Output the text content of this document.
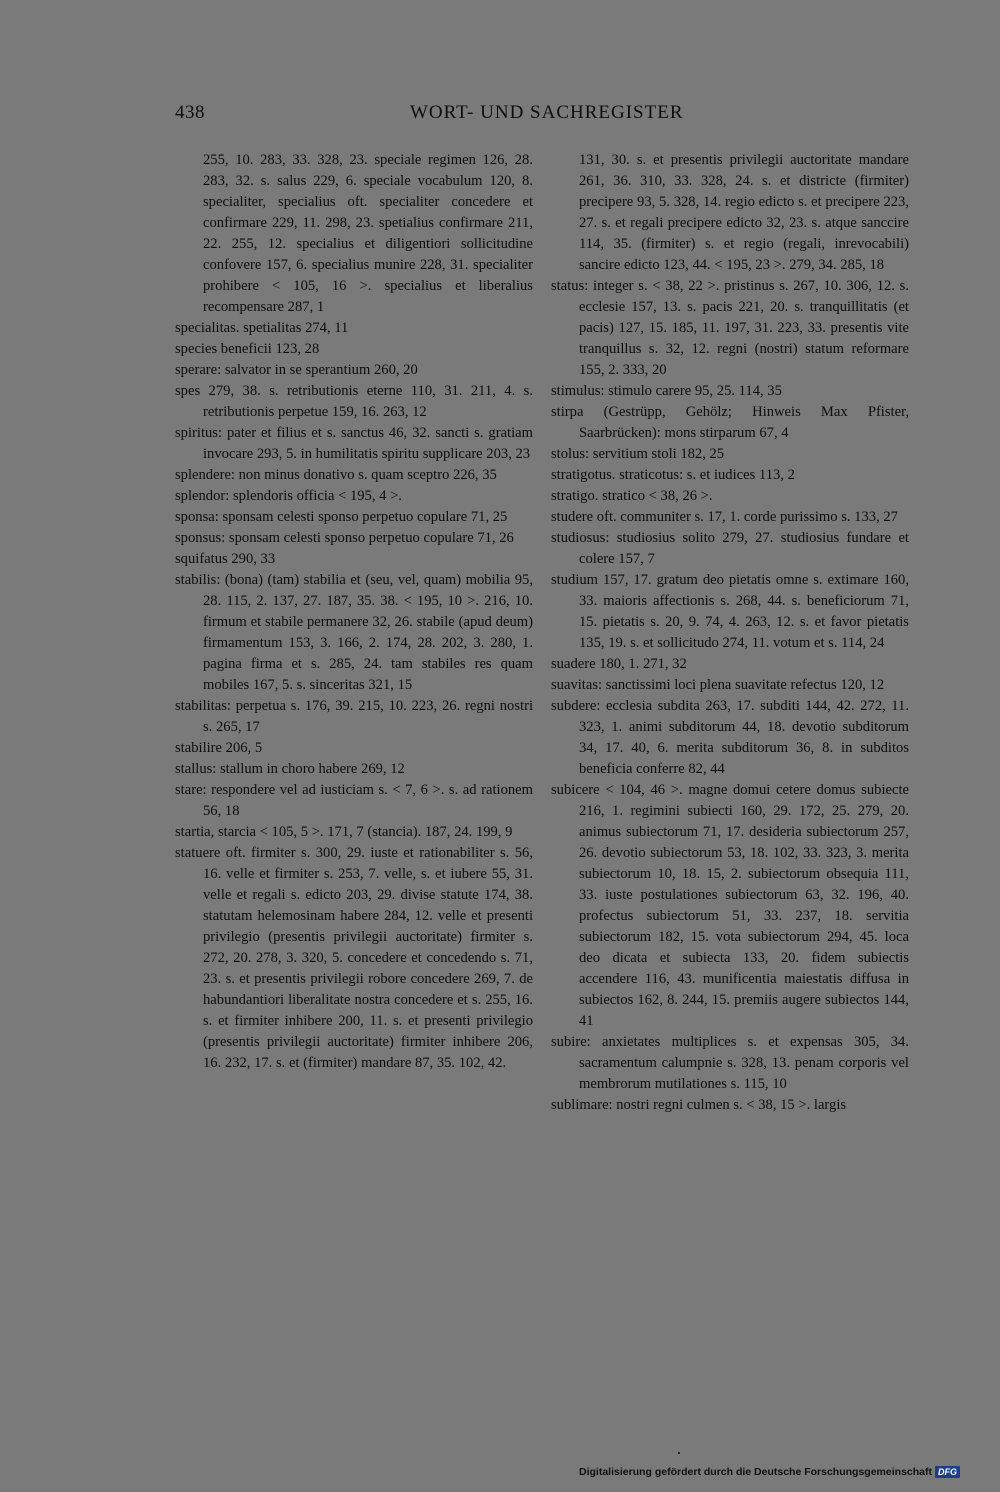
438	WORT- UND SACHREGISTER
255, 10. 283, 33. 328, 23. speciale regimen 126, 28. 283, 32. s. salus 229, 6. speciale vocabulum 120, 8. specialiter, specialius oft. specialiter concedere et confirmare 229, 11. 298, 23. spetialius confirmare 211, 22. 255, 12. specialius et diligentiori sollicitudine confovere 157, 6. specialius munire 228, 31. specialiter prohibere < 105, 16 >. specialius et liberalius recompensare 287, 1
specialitas. spetialitas 274, 11
species beneficii 123, 28
sperare: salvator in se sperantium 260, 20
spes 279, 38. s. retributionis eterne 110, 31. 211, 4. s. retributionis perpetue 159, 16. 263, 12
spiritus: pater et filius et s. sanctus 46, 32. sancti s. gratiam invocare 293, 5. in humilitatis spiritu supplicare 203, 23
splendere: non minus donativo s. quam sceptro 226, 35
splendor: splendoris officia < 195, 4 >.
sponsa: sponsam celesti sponso perpetuo copulare 71, 25
sponsus: sponsam celesti sponso perpetuo copulare 71, 26
squifatus 290, 33
stabilis: (bona) (tam) stabilia et (seu, vel, quam) mobilia 95, 28. 115, 2. 137, 27. 187, 35. 38. < 195, 10 >. 216, 10. firmum et stabile permanere 32, 26. stabile (apud deum) firmamentum 153, 3. 166, 2. 174, 28. 202, 3. 280, 1. pagina firma et s. 285, 24. tam stabiles res quam mobiles 167, 5. s. sinceritas 321, 15
stabilitas: perpetua s. 176, 39. 215, 10. 223, 26. regni nostri s. 265, 17
stabilire 206, 5
stallus: stallum in choro habere 269, 12
stare: respondere vel ad iusticiam s. < 7, 6 >. s. ad rationem 56, 18
startia, starcia < 105, 5 >. 171, 7 (stancia). 187, 24. 199, 9
statuere oft. firmiter s. 300, 29. iuste et rationabiliter s. 56, 16. velle et firmiter s. 253, 7. velle, s. et iubere 55, 31. velle et regali s. edicto 203, 29. divise statute 174, 38. statutam helemosinam habere 284, 12. velle et presenti privilegio (presentis privilegii auctoritate) firmiter s. 272, 20. 278, 3. 320, 5. concedere et concedendo s. 71, 23. s. et presentis privilegii robore concedere 269, 7. de habundantiori liberalitate nostra concedere et s. 255, 16. s. et firmiter inhibere 200, 11. s. et presenti privilegio (presentis privilegii auctoritate) firmiter inhibere 206, 16. 232, 17. s. et (firmiter) mandare 87, 35. 102, 42.
131, 30. s. et presentis privilegii auctoritate mandare 261, 36. 310, 33. 328, 24. s. et districte (firmiter) precipere 93, 5. 328, 14. regio edicto s. et precipere 223, 27. s. et regali precipere edicto 32, 23. s. atque sanccire 114, 35. (firmiter) s. et regio (regali, inrevocabili) sancire edicto 123, 44. < 195, 23 >. 279, 34. 285, 18
status: integer s. < 38, 22 >. pristinus s. 267, 10. 306, 12. s. ecclesie 157, 13. s. pacis 221, 20. s. tranquillitatis (et pacis) 127, 15. 185, 11. 197, 31. 223, 33. presentis vite tranquillus s. 32, 12. regni (nostri) statum reformare 155, 2. 333, 20
stimulus: stimulo carere 95, 25. 114, 35
stirpa (Gestrüpp, Gehölz; Hinweis Max Pfister, Saarbrücken): mons stirparum 67, 4
stolus: servitium stoli 182, 25
stratigotus. straticotus: s. et iudices 113, 2
stratigo. stratico < 38, 26 >.
studere oft. communiter s. 17, 1. corde purissimo s. 133, 27
studiosus: studiosius solito 279, 27. studiosius fundare et colere 157, 7
studium 157, 17. gratum deo pietatis omne s. extimare 160, 33. maioris affectionis s. 268, 44. s. beneficiorum 71, 15. pietatis s. 20, 9. 74, 4. 263, 12. s. et favor pietatis 135, 19. s. et sollicitudo 274, 11. votum et s. 114, 24
suadere 180, 1. 271, 32
suavitas: sanctissimi loci plena suavitate refectus 120, 12
subdere: ecclesia subdita 263, 17. subditi 144, 42. 272, 11. 323, 1. animi subditorum 44, 18. devotio subditorum 34, 17. 40, 6. merita subditorum 36, 8. in subditos beneficia conferre 82, 44
subicere < 104, 46 >. magne domui cetere domus subiecte 216, 1. regimini subiecti 160, 29. 172, 25. 279, 20. animus subiectorum 71, 17. desideria subiectorum 257, 26. devotio subiectorum 53, 18. 102, 33. 323, 3. merita subiectorum 10, 18. 15, 2. subiectorum obsequia 111, 33. iuste postulationes subiectorum 63, 32. 196, 40. profectus subiectorum 51, 33. 237, 18. servitia subiectorum 182, 15. vota subiectorum 294, 45. loca deo dicata et subiecta 133, 20. fidem subiectis accendere 116, 43. munificentia maiestatis diffusa in subiectos 162, 8. 244, 15. premiis augere subiectos 144, 41
subire: anxietates multiplices s. et expensas 305, 34. sacramentum calumpnie s. 328, 13. penam corporis vel membrorum mutilationes s. 115, 10
sublimare: nostri regni culmen s. < 38, 15 >. largis
Digitalisierung gefördert durch die Deutsche Forschungsgemeinschaft DFG
